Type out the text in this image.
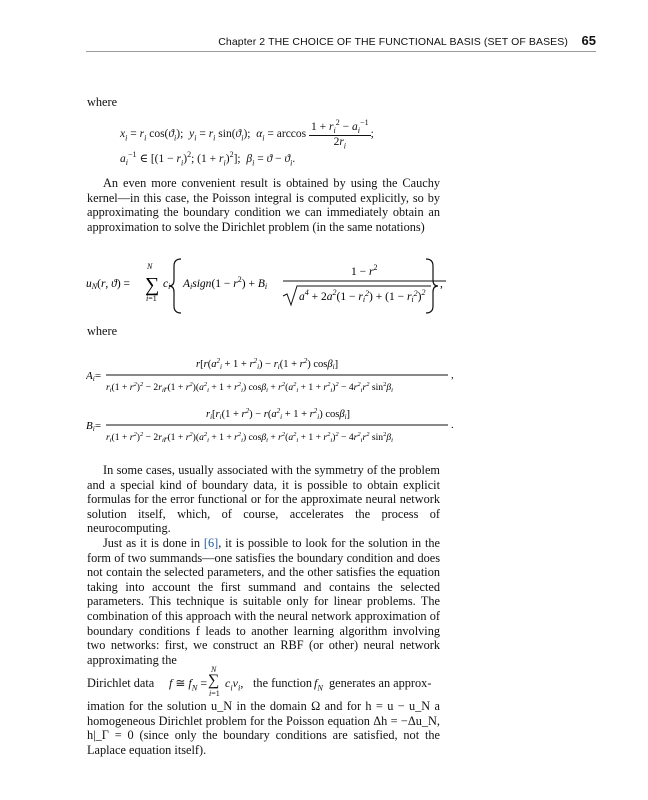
Chapter 2 THE CHOICE OF THE FUNCTIONAL BASIS (SET OF BASES) 65
where
$x_i = r_i$ $\cos(ϑ_i)$;  $y_i = r_i$ $\sin(ϑ_i)$;  $\alpha_i = \arccos \frac{1 + r_i^2 - a_i^{-1}}{2r_i}$ ;
$a_i^{-1}$ ∈ [$(1 - r_i)^2$; $(1 + r_i)^2$];  $\beta_i = ϑ - ϑ_i$.

An even more convenient result is obtained by using the Cauchy kernel—in this case, the Poisson integral is computed explicitly, so by approximating the boundary condition we can immediately obtain an approximation to solve the Dirichlet problem (in the same notations)

uN(r, ϑ) = ∑
N
i=1
ci Aisign(1 − $r^2) + Bi$
$1 - r^2$
$a^4 + 2a^2(1 - ri^2) + (1 - ri^2)^2$
,
where
Ai=
$r[r(a^2_i + 1 + r^2_i) - ri(1 + r^2)$ cosβi]
,
$r_i(1 + r^2)^2 - 2r_ir(1 + r^2)(a^2_i + 1 + r^2_i) \cos\beta_i + r^2(a^2_i + 1 + r^2_i)^2 - 4r^2_ir^2$ $\sin^2\beta_i$
Bi=
$ri[ri(1 + r^2) - r(a^2_i + 1 + r^2_i)$ cosβi]
.
$r_i(1 + r^2)^2 - 2r_ir(1 + r^2)(a^2_i + 1 + r^2_i) \cos\beta_i + r^2(a^2_i + 1 + r^2_i)^2 - 4r^2_ir^2$ $\sin^2\beta_i$

In some cases, usually associated with the symmetry of the problem and a special kind of boundary data, it is possible to obtain explicit formulas for the error functional or for the approximate neural network solution itself, which, of course, accelerates the process of neurocomputing.

Just as it is done in [6], it is possible to look for the solution in the form of two summands—one satisfies the boundary condition and does not contain the selected parameters, and the other satisfies the equation taking into account the first summand and contains the selected parameters. This technique is suitable only for linear problems. The combination of this approach with the neural network approximation of boundary conditions f leads to another learning algorithm involving two networks: first, we construct an RBF (or other) neural network approximating the

Dirichlet data f ≅ $f_N$ =
N
∑
i=1
$c_iv_i$, the function $f_N$ generates an approx-

imation for the solution u_N in the domain Ω and for h = u − u_N a homogeneous Dirichlet problem for the Poisson equation Δh = −Δu_N, h|_Γ = 0 (since only the boundary conditions are satisfied, not the Laplace equation itself).
